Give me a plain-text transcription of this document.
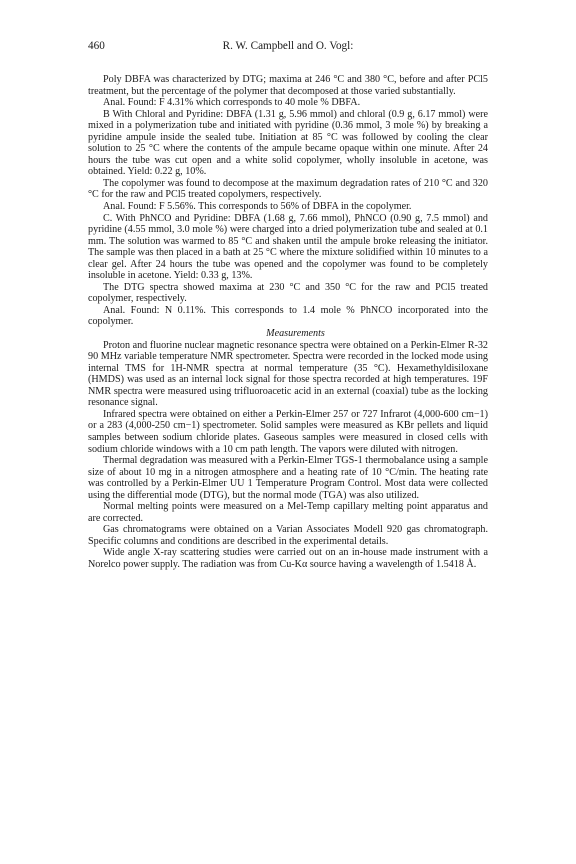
460	R. W. Campbell and O. Vogl:

Poly DBFA was characterized by DTG; maxima at 246 °C and 380 °C, before and after PCl5 treatment, but the percentage of the polymer that decomposed at those varied substantially.

Anal. Found: F 4.31% which corresponds to 40 mole % DBFA.

B With Chloral and Pyridine: DBFA (1.31 g, 5.96 mmol) and chloral (0.9 g, 6.17 mmol) were mixed in a polymerization tube and initiated with pyridine (0.36 mmol, 3 mole %) by breaking a pyridine ampule inside the sealed tube. Initiation at 85 °C was followed by cooling the clear solution to 25 °C where the contents of the ampule became opaque within one minute. After 24 hours the tube was cut open and a white solid copolymer, wholly insoluble in acetone, was obtained. Yield: 0.22 g, 10%.

The copolymer was found to decompose at the maximum degradation rates of 210 °C and 320 °C for the raw and PCl5 treated copolymers, respectively.

Anal. Found: F 5.56%. This corresponds to 56% of DBFA in the copolymer.

C. With PhNCO and Pyridine: DBFA (1.68 g, 7.66 mmol), PhNCO (0.90 g, 7.5 mmol) and pyridine (4.55 mmol, 3.0 mole %) were charged into a dried polymerization tube and sealed at 0.1 mm. The solution was warmed to 85 °C and shaken until the ampule broke releasing the initiator. The sample was then placed in a bath at 25 °C where the mixture solidified within 10 minutes to a clear gel. After 24 hours the tube was opened and the copolymer was found to be completely insoluble in acetone. Yield: 0.33 g, 13%.

The DTG spectra showed maxima at 230 °C and 350 °C for the raw and PCl5 treated copolymer, respectively.

Anal. Found: N 0.11%. This corresponds to 1.4 mole % PhNCO incorporated into the copolymer.

Measurements

Proton and fluorine nuclear magnetic resonance spectra were obtained on a Perkin-Elmer R-32 90 MHz variable temperature NMR spectrometer. Spectra were recorded in the locked mode using internal TMS for 1H-NMR spectra at normal temperature (35 °C). Hexamethyldisiloxane (HMDS) was used as an internal lock signal for those spectra recorded at high temperatures. 19F NMR spectra were measured using trifluoroacetic acid in an external (coaxial) tube as the locking resonance signal.

Infrared spectra were obtained on either a Perkin-Elmer 257 or 727 Infrarot (4,000-600 cm−1) or a 283 (4,000-250 cm−1) spectrometer. Solid samples were measured as KBr pellets and liquid samples between sodium chloride plates. Gaseous samples were measured in closed cells with sodium chloride windows with a 10 cm path length. The vapors were diluted with nitrogen.

Thermal degradation was measured with a Perkin-Elmer TGS-1 thermobalance using a sample size of about 10 mg in a nitrogen atmosphere and a heating rate of 10 °C/min. The heating rate was controlled by a Perkin-Elmer UU 1 Temperature Program Control. Most data were collected using the differential mode (DTG), but the normal mode (TGA) was also utilized.

Normal melting points were measured on a Mel-Temp capillary melting point apparatus and are corrected.

Gas chromatograms were obtained on a Varian Associates Modell 920 gas chromatograph. Specific columns and conditions are described in the experimental details.

Wide angle X-ray scattering studies were carried out on an in-house made instrument with a Norelco power supply. The radiation was from Cu-Kα source having a wavelength of 1.5418 Å.
